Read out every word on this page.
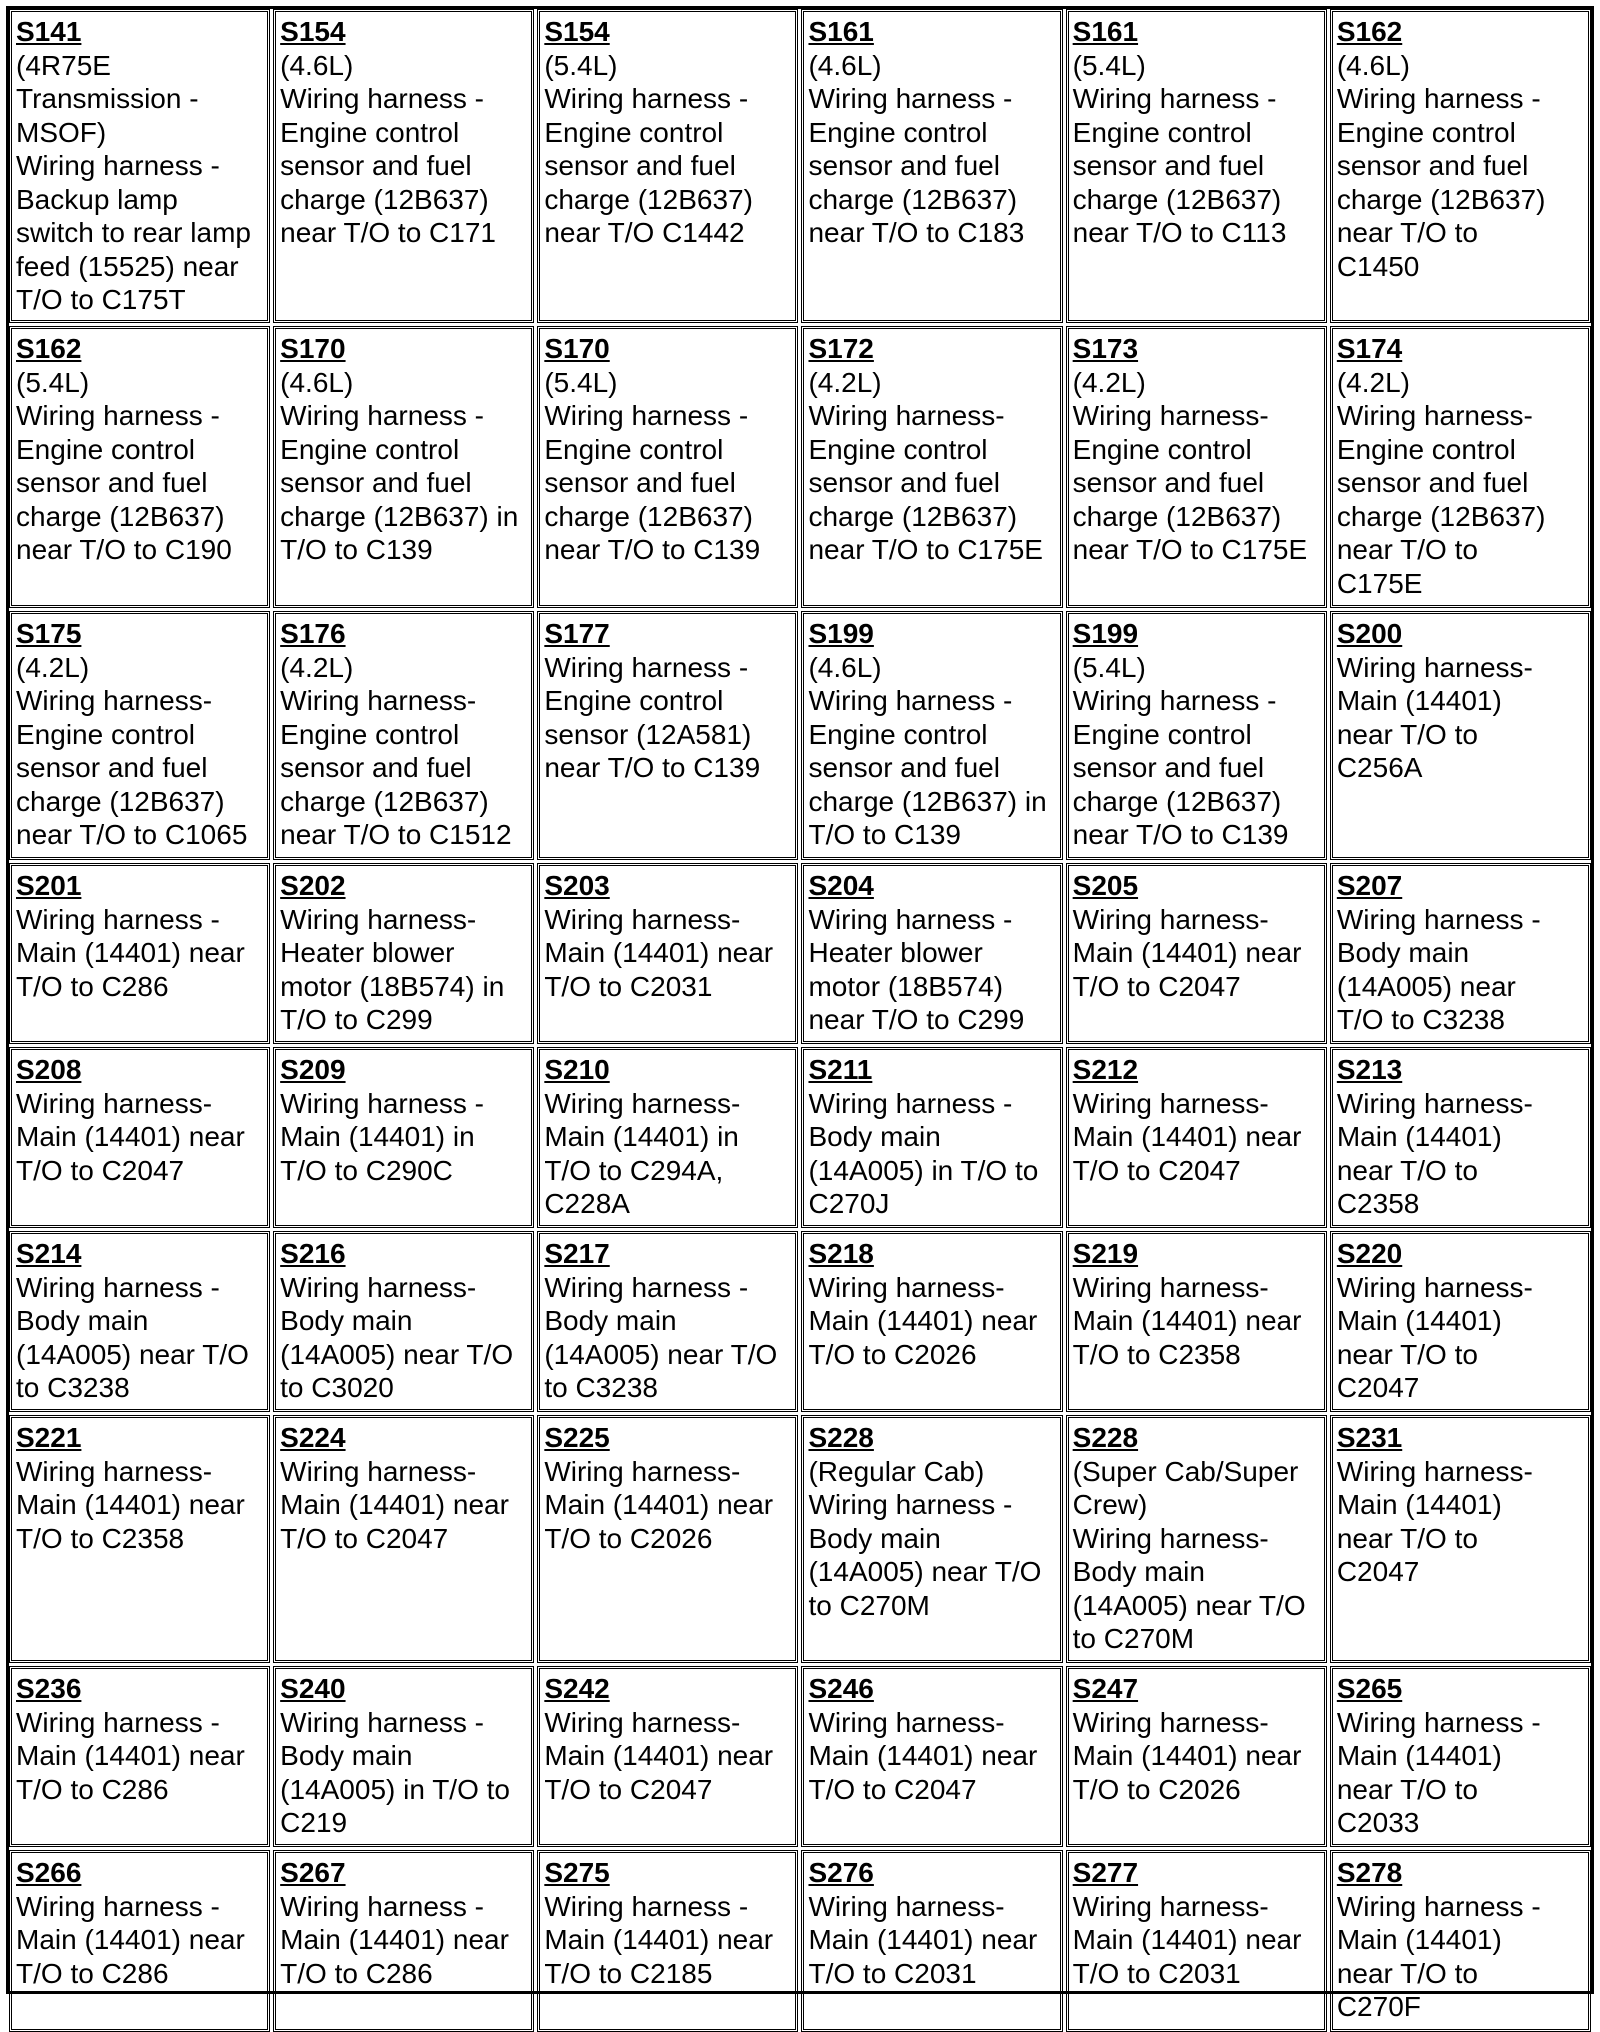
S141
(4R75E
Transmission -
MSOF)
Wiring harness -
Backup lamp
switch to rear lamp
feed (15525) near
T/O to C175T
S154
(4.6L)
Wiring harness -
Engine control
sensor and fuel
charge (12B637)
near T/O to C171
S154
(5.4L)
Wiring harness -
Engine control
sensor and fuel
charge (12B637)
near T/O C1442
S161
(4.6L)
Wiring harness -
Engine control
sensor and fuel
charge (12B637)
near T/O to C183
S161
(5.4L)
Wiring harness -
Engine control
sensor and fuel
charge (12B637)
near T/O to C113
S162
(4.6L)
Wiring harness -
Engine control
sensor and fuel
charge (12B637)
near T/O to
C1450
S162
(5.4L)
Wiring harness -
Engine control
sensor and fuel
charge (12B637)
near T/O to C190
S170
(4.6L)
Wiring harness -
Engine control
sensor and fuel
charge (12B637) in
T/O to C139
S170
(5.4L)
Wiring harness -
Engine control
sensor and fuel
charge (12B637)
near T/O to C139
S172
(4.2L)
Wiring harness-
Engine control
sensor and fuel
charge (12B637)
near T/O to C175E
S173
(4.2L)
Wiring harness-
Engine control
sensor and fuel
charge (12B637)
near T/O to C175E
S174
(4.2L)
Wiring harness-
Engine control
sensor and fuel
charge (12B637)
near T/O to
C175E
S175
(4.2L)
Wiring harness-
Engine control
sensor and fuel
charge (12B637)
near T/O to C1065
S176
(4.2L)
Wiring harness-
Engine control
sensor and fuel
charge (12B637)
near T/O to C1512
S177
Wiring harness -
Engine control
sensor (12A581)
near T/O to C139
S199
(4.6L)
Wiring harness -
Engine control
sensor and fuel
charge (12B637) in
T/O to C139
S199
(5.4L)
Wiring harness -
Engine control
sensor and fuel
charge (12B637)
near T/O to C139
S200
Wiring harness-
Main (14401)
near T/O to
C256A
S201
Wiring harness -
Main (14401) near
T/O to C286
S202
Wiring harness-
Heater blower
motor (18B574) in
T/O to C299
S203
Wiring harness-
Main (14401) near
T/O to C2031
S204
Wiring harness -
Heater blower
motor (18B574)
near T/O to C299
S205
Wiring harness-
Main (14401) near
T/O to C2047
S207
Wiring harness -
Body main
(14A005) near
T/O to C3238
S208
Wiring harness-
Main (14401) near
T/O to C2047
S209
Wiring harness -
Main (14401) in
T/O to C290C
S210
Wiring harness-
Main (14401) in
T/O to C294A,
C228A
S211
Wiring harness -
Body main
(14A005) in T/O to
C270J
S212
Wiring harness-
Main (14401) near
T/O to C2047
S213
Wiring harness-
Main (14401)
near T/O to
C2358
S214
Wiring harness -
Body main
(14A005) near T/O
to C3238
S216
Wiring harness-
Body main
(14A005) near T/O
to C3020
S217
Wiring harness -
Body main
(14A005) near T/O
to C3238
S218
Wiring harness-
Main (14401) near
T/O to C2026
S219
Wiring harness-
Main (14401) near
T/O to C2358
S220
Wiring harness-
Main (14401)
near T/O to
C2047
S221
Wiring harness-
Main (14401) near
T/O to C2358
S224
Wiring harness-
Main (14401) near
T/O to C2047
S225
Wiring harness-
Main (14401) near
T/O to C2026
S228
(Regular Cab)
Wiring harness -
Body main
(14A005) near T/O
to C270M
S228
(Super Cab/Super
Crew)
Wiring harness-
Body main
(14A005) near T/O
to C270M
S231
Wiring harness-
Main (14401)
near T/O to
C2047
S236
Wiring harness -
Main (14401) near
T/O to C286
S240
Wiring harness -
Body main
(14A005) in T/O to
C219
S242
Wiring harness-
Main (14401) near
T/O to C2047
S246
Wiring harness-
Main (14401) near
T/O to C2047
S247
Wiring harness-
Main (14401) near
T/O to C2026
S265
Wiring harness -
Main (14401)
near T/O to
C2033
S266
Wiring harness -
Main (14401) near
T/O to C286
S267
Wiring harness -
Main (14401) near
T/O to C286
S275
Wiring harness -
Main (14401) near
T/O to C2185
S276
Wiring harness-
Main (14401) near
T/O to C2031
S277
Wiring harness-
Main (14401) near
T/O to C2031
S278
Wiring harness -
Main (14401)
near T/O to
C270F
